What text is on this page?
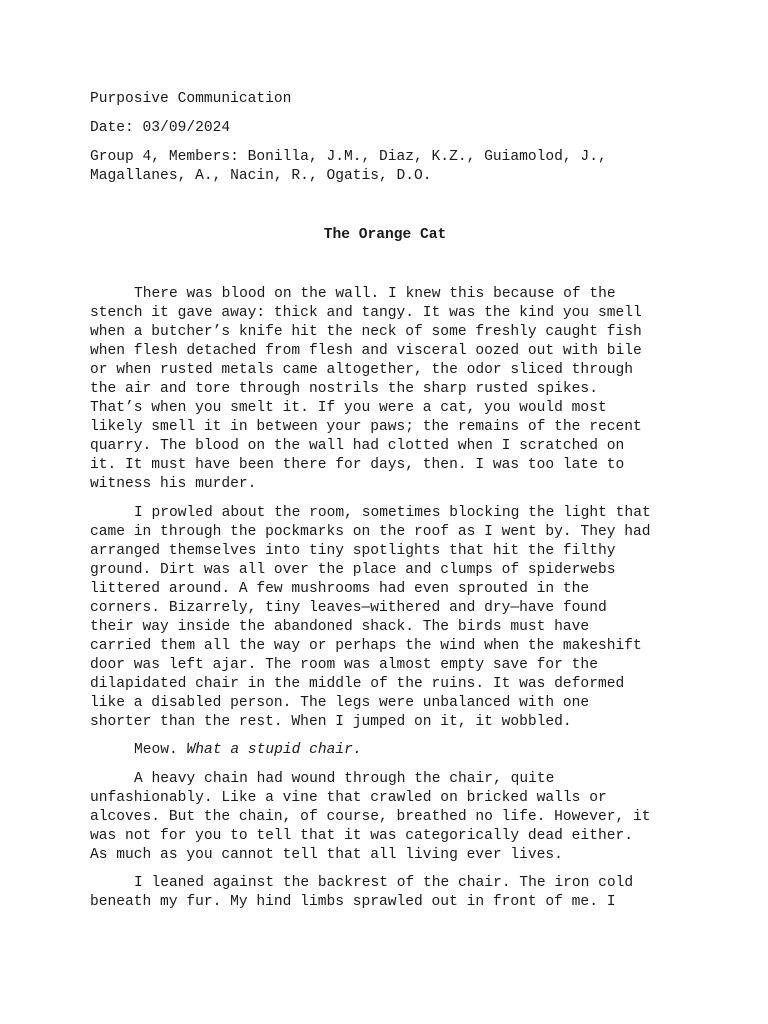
Purposive Communication

Date: 03/09/2024

Group 4, Members: Bonilla, J.M., Diaz, K.Z., Guiamolod, J.,

Magallanes, A., Nacin, R., Ogatis, D.O.

The Orange Cat

There was blood on the wall. I knew this because of the
stench it gave away: thick and tangy. It was the kind you smell
when a butcher’s knife hit the neck of some freshly caught fish
when flesh detached from flesh and visceral oozed out with bile
or when rusted metals came altogether, the odor sliced through
the air and tore through nostrils the sharp rusted spikes.
That’s when you smelt it. If you were a cat, you would most
likely smell it in between your paws; the remains of the recent
quarry. The blood on the wall had clotted when I scratched on
it. It must have been there for days, then. I was too late to
witness his murder.

I prowled about the room, sometimes blocking the light that
came in through the pockmarks on the roof as I went by. They had
arranged themselves into tiny spotlights that hit the filthy
ground. Dirt was all over the place and clumps of spiderwebs
littered around. A few mushrooms had even sprouted in the
corners. Bizarrely, tiny leaves—withered and dry—have found
their way inside the abandoned shack. The birds must have
carried them all the way or perhaps the wind when the makeshift
door was left ajar. The room was almost empty save for the
dilapidated chair in the middle of the ruins. It was deformed
like a disabled person. The legs were unbalanced with one
shorter than the rest. When I jumped on it, it wobbled.

Meow. What a stupid chair.

A heavy chain had wound through the chair, quite
unfashionably. Like a vine that crawled on bricked walls or
alcoves. But the chain, of course, breathed no life. However, it
was not for you to tell that it was categorically dead either.
As much as you cannot tell that all living ever lives.

I leaned against the backrest of the chair. The iron cold
beneath my fur. My hind limbs sprawled out in front of me. I
